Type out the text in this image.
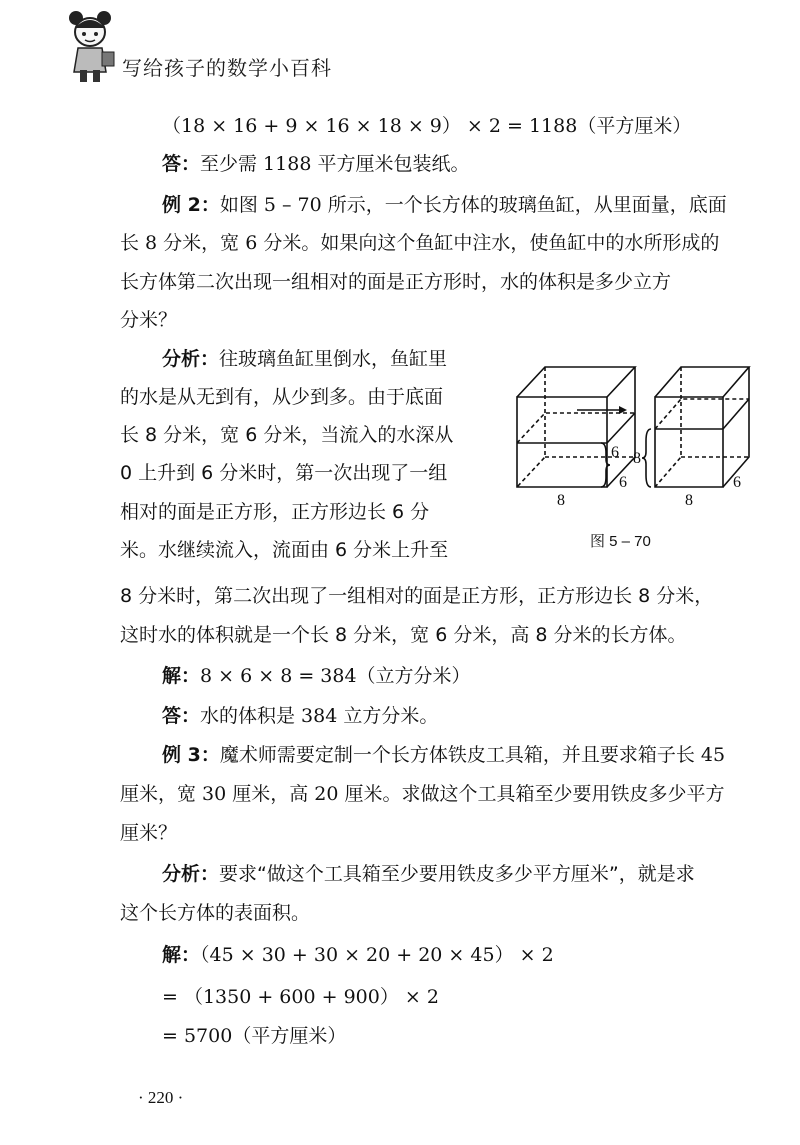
写给孩子的数学小百科

（18 × 16 + 9 × 16 × 18 × 9） × 2 = 1188（平方厘米）

答：至少需 1188 平方厘米包装纸。

例 2：如图 5 – 70 所示，一个长方体的玻璃鱼缸，从里面量，底面

长 8 分米，宽 6 分米。如果向这个鱼缸中注水，使鱼缸中的水所形成的

长方体第二次出现一组相对的面是正方形时，水的体积是多少立方

分米？

分析：往玻璃鱼缸里倒水，鱼缸里

的水是从无到有，从少到多。由于底面

长 8 分米，宽 6 分米，当流入的水深从

0 上升到 6 分米时，第一次出现了一组

相对的面是正方形，正方形边长 6 分

米。水继续流入，流面由 6 分米上升至

8 分米时，第二次出现了一组相对的面是正方形，正方形边长 8 分米，

这时水的体积就是一个长 8 分米，宽 6 分米，高 8 分米的长方体。

解：8 × 6 × 8 = 384（立方分米）

答：水的体积是 384 立方分米。

例 3：魔术师需要定制一个长方体铁皮工具箱，并且要求箱子长 45

厘米，宽 30 厘米，高 20 厘米。求做这个工具箱至少要用铁皮多少平方

厘米？

分析：要求“做这个工具箱至少要用铁皮多少平方厘米”，就是求

这个长方体的表面积。

解：（45 × 30 + 30 × 20 + 20 × 45） × 2

= （1350 + 600 + 900） × 2

= 5700（平方厘米）

6
6
8
8
6
8
图 5 – 70
· 220 ·
